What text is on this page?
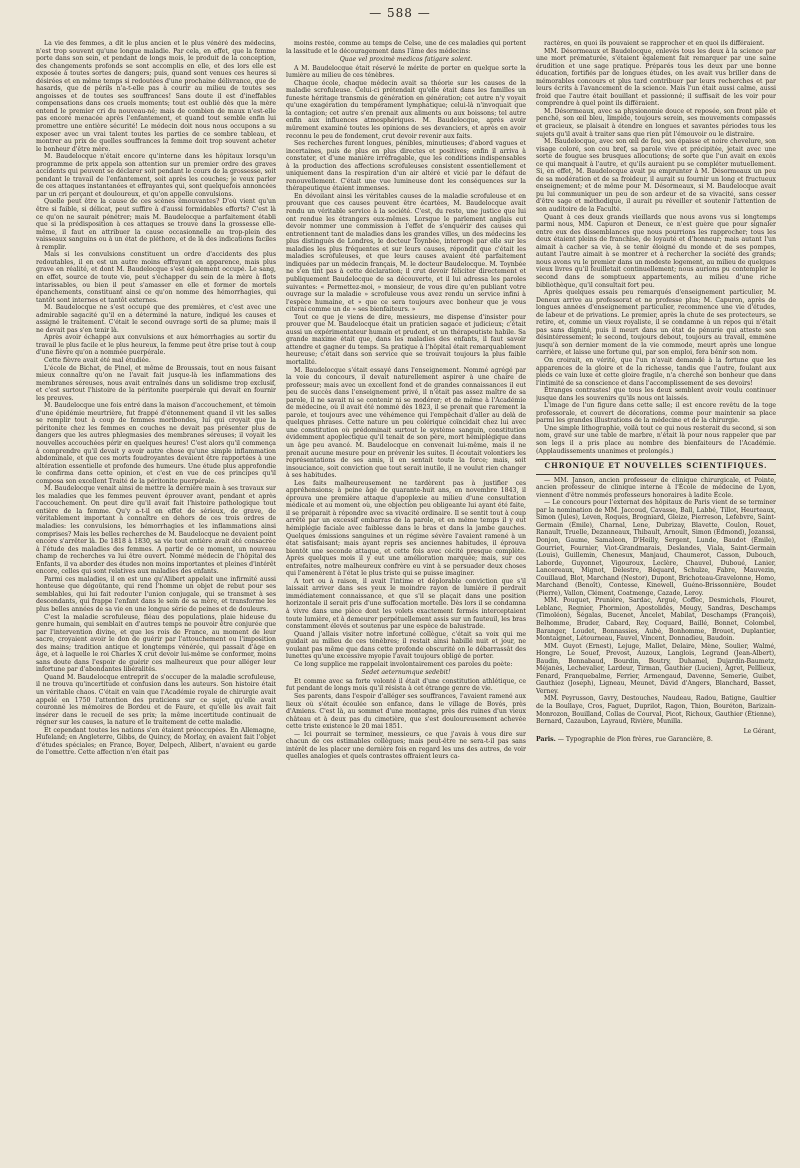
— 588 —

La vie des femmes, a dit le plus ancien et le plus vénéré des médecins, n'est trop souvent qu'une longue maladie. Par cela, en effet, que la femme porte dans son sein, et pendant de longs mois, le produit de la conception, des changements profonds se sont accomplis en elle, et des lors elle est exposée à toutes sortes de dangers; puis, quand sont venues ces heures si désirées et en même temps si redoutées d'une prochaine délivrance, que de hasards, que de périls n'a-t-elle pas à courir au milieu de toutes ses angoisses et de toutes ses souffrances! Sans doute il est d'ineffables compensations dans ces cruels moments; tout est oublié dès que la mère entend le premier cri du nouveau-né; mais de combien de maux n'est-elle pas encore menacée après l'enfantement, et quand tout semble enfin lui promettre une entière sécurité! Le médecin doit nous nous occupons a su exposer avec un vrai talent toutes les parties de ce sombre tableau, et montrer au prix de quelles souffrances la femme doit trop souvent acheter le bonheur d'être mère.

M. Baudelocque n'était encore qu'interne dans les hôpitaux lorsqu'un programme de prix appela son attention sur un premier ordre des graves accidents qui peuvent se déclarer soit pendant le cours de la grossesse, soit pendant le travail de l'enfantement, soit après les couches; je veux parler de ces attaques instantanées et effrayantes qui, sont quelquefois annoncées par un cri perçant et douloureux, et qu'on appelle convulsions.

Quelle peut être la cause de ces scènes émouvantes? D'où vient qu'un être si faible, si délicat, peut suffire à d'aussi formidables efforts? C'est là ce qu'on ne saurait pénétrer; mais M. Baudelocque a parfaitement établi que si la prédisposition à ces attaques se trouve dans la grossesse elle-même, il faut en attribuer la cause occasionnelle au trop-plein des vaisseaux sanguins ou à un état de pléthore, et de là des indications faciles à remplir.

Mais si les convulsions constituent un ordre d'accidents des plus redoutables, il en est un autre moins effrayant en apparence, mais plus grave en réalité, et dont M. Baudelocque s'est également occupé. Le sang, en effet, source de toute vie, peut s'échapper du sein de la mère à flots intarissables, ou bien il peut s'amasser en elle et former de mortels épanchements, constituant ainsi ce qu'on nomme des hémorrhagies, qui tantôt sont internes et tantôt externes.

M. Baudelocque ne s'est occupé que des premières, et c'est avec une admirable sagacité qu'il en a déterminé la nature, indiqué les causes et assigné le traitement. C'était le second ouvrage sorti de sa plume; mais il ne devait pas s'en tenir là.

Après avoir échappé aux convulsions et aux hémorrhagies au sortir du travail le plus facile et le plus heureux, la femme peut être prise tout à coup d'une fièvre qu'on a nommée puerpérale.

Cette fièvre avait été mal étudiée.

L'école de Bichat, de Pinel, et même de Broussais, tout en nous faisant mieux connaître qu'on ne l'avait fait jusque-là les inflammations des membranes séreuses, nous avait entraînés dans un solidisme trop exclusif, et c'est surtout l'histoire de la péritonite puerpérale qui devait en fournir les preuves.

M. Baudelocque une fois entré dans la maison d'accouchement, et témoin d'une épidémie meurtrière, fut frappé d'étonnement quand il vit les salles se remplir tout à coup de femmes moribondes, lui qui croyait que la péritonite chez les femmes en couches ne devait pas présenter plus de dangers que les autres phlegmasies des membranes séreuses; il voyait les nouvelles accouchées périr en quelques heures! C'est alors qu'il commença à comprendre qu'il devait y avoir autre chose qu'une simple inflammation abdominale, et que ces morts foudroyantes devaient être rapportées à une altération essentielle et profonde des humeurs. Une étude plus approfondie le confirma dans cette opinion, et c'est en vue de ces principes qu'il composa son excellent Traité de la péritonite puerpérale.

M. Baudelocque venait ainsi de mettre la dernière main à ses travaux sur les maladies que les femmes peuvent éprouver avant, pendant et après l'accouchement. On peut dire qu'il avait fait l'histoire pathologique tout entière de la femme. Qu'y a-t-il en effet de sérieux, de grave, de véritablement important à connaître en dehors de ces trois ordres de maladies: les convulsions, les hémorrhagies et les inflammations ainsi comprises? Mais les belles recherches de M. Baudelocque ne devaient point encore s'arrêter là. De 1818 à 1830, sa vie tout entière avait été consacrée à l'étude des maladies des femmes. A partir de ce moment, un nouveau champ de recherches va lui être ouvert. Nommé médecin de l'hôpital des Enfants, il va aborder des études non moins importantes et pleines d'intérêt encore, celles qui sont relatives aux maladies des enfants.

Parmi ces maladies, il en est une qu'Alibert appelait une infirmité aussi honteuse que dégoûtante, qui rend l'homme un objet de rebut pour ses semblables, qui lui fait redouter l'union conjugale, qui se transmet à ses descendants, qui frappe l'enfant dans le sein de sa mère, et transforme les plus belles années de sa vie en une longue série de peines et de douleurs.

C'est la maladie scrofuleuse, fléau des populations, plaie hideuse du genre humain, qui semblait en d'autres temps ne pouvoir être conjurée que par l'intervention divine, et que les rois de France, au moment de leur sacre, croyaient avoir le don de guérir par l'attouchement ou l'imposition des mains; tradition antique et longtemps vénérée, qui passait d'âge en âge, et à laquelle le roi Charles X crut devoir lui-même se conformer, moins sans doute dans l'espoir de guérir ces malheureux que pour alléger leur infortune par d'abondantes libéralités.

Quand M. Baudelocque entreprit de s'occuper de la maladie scrofuleuse, il ne trouva qu'incertitude et confusion dans les auteurs. Son histoire était un véritable chaos. C'était en vain que l'Académie royale de chirurgie avait appelé en 1750 l'attention des praticiens sur ce sujet, qu'elle avait couronné les mémoires de Bordeu et de Faure, et qu'elle les avait fait insérer dans le recueil de ses prix; la même incertitude continuait de régner sur les causes, la nature et le traitement de cette maladie.

Et cependant toutes les nations s'en étaient préoccupées. En Allemagne, Hufeland; en Angleterre, Gibbs, de Quincy, de Morlay, en avaient fait l'objet d'études spéciales; en France, Boyer, Delpech, Alibert, n'avaient eu garde de l'omettre. Cette affection n'en était pas

moins restée, comme au temps de Celse, une de ces maladies qui portent la lassitude et le découragement dans l'âme des médecins:

Quae vel proximè medicos fatigare solent.

A M. Baudelocque était réservé le mérite de porter en quelque sorte la lumière au milieu de ces ténèbres.

Chaque école, chaque médecin avait sa théorie sur les causes de la maladie scrofuleuse. Celui-ci prétendait qu'elle était dans les familles un funeste héritage transmis de génération en génération; cet autre n'y voyait qu'une exagération du tempérament lymphatique; celui-là n'invoquait que la contagion; cet autre s'en prenait aux aliments ou aux boissons; tel autre enfin aux influences atmosphériques. M. Baudelocque, après avoir mûrement examiné toutes les opinions de ses devanciers, et après en avoir reconnu le peu de fondement, crut devoir revenir aux faits.

Ses recherches furent longues, pénibles, minutieuses; d'abord vagues et incertaines, puis de plus en plus directes et positives; enfin il arriva à constater, et d'une manière irréfragable, que les conditions indispensables à la production des affections scrofuleuses consistent essentiellement et uniquement dans la respiration d'un air altéré et vicié par le défaut de renouvellement. C'était une vue lumineuse dont les conséquences sur la thérapeutique étaient immenses.

En dévoilant ainsi les véritables causes de la maladie scrofuleuse et en prouvant que ces causes peuvent être écartées, M. Baudelocque avait rendu un véritable service à la société. C'est, du reste, une justice que lui ont rendue les étrangers eux-mêmes. Lorsque le parlement anglais eut devoir nommer une commission à l'effet de s'enquérir des causes qui entretiennent tant de maladies dans les grandes villes, un des médecins les plus distingués de Londres, le docteur Toynbée, interrogé par elle sur les maladies les plus fréquentes et sur leurs causes, répondit que c'était les maladies scrofuleuses, et que leurs causes avaient été parfaitement indiquées par un médecin français, M. le docteur Baudelocque. M. Toynbée ne s'en tint pas à cette déclaration; il crut devoir féliciter directement et publiquement Baudelocque de sa découverte, et il lui adressa les paroles suivantes: « Permettez-moi, » monsieur, de vous dire qu'en publiant votre ouvrage sur la maladie » scrofuleuse vous avez rendu un service infini à l'espèce humaine, et » que ce sera toujours avec bonheur que je vous citerai comme un de » ses bienfaiteurs. »

Tout ce que je viens de dire, messieurs, me dispense d'insister pour prouver que M. Baudelocque était un praticien sagace et judicieux; c'était aussi un expérimentateur humain et prudent, et un thérapeutiste habile. Sa grande maxime était que, dans les maladies des enfants, il faut savoir attendre et gagner du temps. Sa pratique à l'hôpital était remarquablement heureuse; c'était dans son service que se trouvait toujours la plus faible mortalité.

M. Baudelocque s'était essayé dans l'enseignement. Nommé agrégé par la voie du concours, il devait naturellement aspirer à une chaire de professeur; mais avec un excellent fond et de grandes connaissances il eut peu de succès dans l'enseignement privé, il n'était pas assez maître de sa parole, il ne savait ni se contenir ni se modérer; et de même à l'Académie de médecine, où il avait été nommé dès 1823, il se prenait que rarement la parole, et toujours avec une véhémence qui l'empêchait d'aller au delà de quelques phrases. Cette nature un peu colérique coïncidait chez lui avec une constitution où prédominait surtout le système sanguin, constitution évidemment apoplectique qu'il tenait de son père, mort hémiplégique dans un âge peu avancé. M. Baudelocque en convenait lui-même, mais il ne prenait aucune mesure pour en prévenir les suites. Il écoutait volontiers les représentations de ses amis, il en sentait toute la force; mais, soit insouciance, soit conviction que tout serait inutile, il ne voulut rien changer à ses habitudes.

Les faits malheureusement ne tardèrent pas à justifier ces appréhensions; à peine âgé de quarante-huit ans, en novembre 1843, il éprouva une première attaque d'apoplexie au milieu d'une consultation médicale et au moment où, une objection peu obligeante lui ayant été faite, il se préparait à répondre avec sa vivacité ordinaire. Il se sentit tout à coup arrêté par un excessif embarras de la parole, et en même temps il y eut hémiplégie faciale avec faiblesse dans le bras et dans la jambe gauches. Quelques émissions sanguines et un régime sévère l'avaient ramené à un état satisfaisant; mais ayant repris ses anciennes habitudes, il éprouva bientôt une seconde attaque, et cette fois avec cécité presque complète. Après quelques mois il y eut une amélioration marquée; mais, sur ces entrefaites, notre malheureux confrère eu vint à se persuader deux choses qui l'amenèrent à l'état le plus triste qui se puisse imaginer.

A tort ou à raison, il avait l'intime et déplorable conviction que s'il laissait arriver dans ses yeux le moindre rayon de lumière il perdrait immédiatement connaissance, et que s'il se plaçait dans une position horizontale il serait pris d'une suffocation mortelle. Dès lors il se condamna à vivre dans une pièce dont les volets exactement fermés interceptaient toute lumière, et à demeurer perpétuellement assis sur un fauteuil, les bras constamment élevés et soutenus par une espèce de balustrade.

Quand j'allais visiter notre infortuné collègue, c'était sa voix qui me guidait au milieu de ces ténèbres; il restait ainsi habillé nuit et jour, ne voulant pas même que dans cette profonde obscurité on le débarrassât des lunettes qu'une excessive myopie l'avait toujours obligé de porter.

Ce long supplice me rappelait involontairement ces paroles du poète:

Sedet aeternumque sedebit!

Et comme avec sa forte volonté il était d'une constitution athlétique, ce fut pendant de longs mois qu'il résista à cet étrange genre de vie.

Ses parents, dans l'espoir d'alléger ses souffrances, l'avaient ramené aux lieux où s'était écoulée son enfance, dans le village de Bovés, près d'Amiens. C'est là, au sommet d'une montagne, près des ruines d'un vieux château et à deux pas du cimetière, que s'est douloureusement achevée cette triste existence le 20 mai 1851.

— Ici pourrait se terminer, messieurs, ce que j'avais à vous dire sur chacun de ces estimables collègues; mais peut-être ne sera-t-il pas sans intérêt de les placer une dernière fois en regard les uns des autres, de voir quelles analogies et quels contrastes offraient leurs ca-

ractères, en quoi ils pouvaient se rapprocher et en quoi ils différaient.

MM. Désormeaux et Baudelocque, enlevés tous les deux à la science par une mort prématurée, s'étaient également fait remarquer par une saine érudition et une sage pratique. Préparés tous les deux par une bonne éducation, fortifiés par de longues études, on les avait vus briller dans de mémorables concours et plus tard contribuer par leurs recherches et par leurs écrits à l'avancement de la science. Mais l'un était aussi calme, aussi froid que l'autre était bouillant et passionné; il suffisait de les voir pour comprendre à quel point ils différaient.

M. Désormeaux, avec sa physionomie douce et reposée, son front pâle et penché, son œil bleu, limpide, toujours serein, ses mouvements compassés et gracieux, se plaisait à étendre en longues et savantes périodes tous les sujets qu'il avait à traiter sans que rien pût l'émouvoir ou le distraire.

M. Baudelocque, avec son œil de feu, son épaisse et noire chevelure, son visage coloré, son cou bref, sa parole vive et précipitée, jetait avec une sorte de fougue ses brusques allocutions; de sorte que l'un avait en excès ce qui manquait à l'autre, et qu'ils auraient pu se compléter mutuellement. Si, en effet, M. Baudelocque avait pu emprunter à M. Désormeaux un peu de sa modération et de sa froideur, il aurait su fournir un long et fructueux enseignement; et de même pour M. Désormeaux, si M. Baudelocque avait pu lui communiquer un peu de son ardeur et de sa vivacité, sans cesser d'être sage et méthodique, il aurait pu réveiller et soutenir l'attention de son auditoire de la Faculté.

Quant à ces deux grands vieillards que nous avons vus si longtemps parmi nous, MM. Capuron et Deneux, ce n'est guère que pour signaler entre eux des dissemblances que nous pourrions les rapprocher; tous les deux étaient pleins de franchise, de loyauté et d'honneur; mais autant l'un aimait à cacher sa vie, à se tenir éloigné du monde et de ses pompes, autant l'autre aimait à se montrer et à rechercher la société des grands; nous avons vu le premier dans un modeste logement, au milieu de quelques vieux livres qu'il feuilletait continuellement; nous aurions pu contempler le second dans de somptueux appartements, au milieu d'une riche bibliothèque, qu'il consultait fort peu.

Après quelques essais peu remarqués d'enseignement particulier, M. Deneux arrive au professorat et ne professe plus; M. Capuron, après de longues années d'enseignement particulier, recommence une vie d'études, de labeur et de privations. Le premier, après la chute de ses protecteurs, se retire, et, comme un vieux royaliste, il se condamne à un repos qui n'était pas sans dignité, puis il meurt dans un état de pénurie qui atteste son désintéressement; le second, toujours debout, toujours au travail, emmène jusqu'à son dernier moment de la vie commode, meurt après une longue carrière, et laisse une fortune qui, par son emploi, fera bénir son nom.

On croirait, en vérité, que l'un n'avait demandé à la fortune que les apparences de la gloire et de la richesse, tandis que l'autre, foulant aux pieds ce vain luxe et cette gloire fragile, n'a cherché son bonheur que dans l'intimité de sa conscience et dans l'accomplissement de ses devoirs!

Étranges contrastes! que tous les deux semblent avoir voulu continuer jusque dans les souvenirs qu'ils nous ont laissés.

L'image de l'un figure dans cette salle; il est encore revêtu de la toge professorale, et couvert de décorations, comme pour maintenir sa place parmi les grandes illustrations de la médecine et de la chirurgie.

Une simple lithographie, voilà tout ce qui nous resterait du second, si son nom, gravé sur une table de marbre, n'était là pour nous rappeler que par son legs il a pris place au nombre des bienfaiteurs de l'Académie. (Applaudissements unanimes et prolongés.)

CHRONIQUE ET NOUVELLES SCIENTIFIQUES.

— MM. Janson, ancien professeur de clinique chirurgicale, et Pointe, ancien professeur de clinique interne à l'École de médecine de Lyon, viennent d'être nommés professeurs honoraires à ladite École.

— Le concours pour l'externat des hôpitaux de Paris vient de se terminer par la nomination de MM. Jaccoud, Cavasse, Ball, Labbé, Tillot, Heurteaux, Simon (Jules), Leven, Roques, Brogniard, Gleize, Pierreson, Lefebvre, Saint-Germain (Émile), Charnal, Lene, Dubrizay, Blavette, Coulon, Rouet, Ranault, Truelle, Dezanneaux, Thibault, Arnoult, Simon (Edmond), Jozanssi, Donjon, Gaume, Samaleon, D'Heilly, Sergent, Lunde, Baudot (Émile), Gourriet, Fournier, Viot-Grandmarais, Deslandes, Viala, Saint-Germain (Louis), Guillemin, Chenesux, Manjaud, Chaumerot, Casson, Dubouch, Laborde, Guyonnet, Vigouroux, Leclère, Chauvel, Duboué, Lanier, Lancereaux, Mignot, Delestre, Béquard, Schulze, Fabre, Mauvezin, Couillaud, Blot, Marchand (Nestor), Dupont, Brichoteau-Gravelonne, Homo, Marchand (Benoît), Contesse, Kinewell, Guéno-Brissonnière, Boudet (Pierre), Vallon, Clément, Coatmenge, Cazade, Leroy.

MM. Pouquet, Prunière, Sardac, Argué, Coffec, Desmichels, Flouret, Leblanc, Regnier, Phormion, Apostolidès, Meugy, Sandras, Deschamps (Timoléon), Ségalas, Bucenet, Ancelet, Mabilat, Deschamps (François), Belhomme, Bruder, Cabard, Rey, Coquard, Baillé, Bonnet, Colombel, Baranger, Loudet, Bonnassies, Aubé, Bonhomme, Brouet, Duplantier, Montaignet, Létourneau, Fauvel, Vincent, Donnadieu, Baudoin.

MM. Guyot (Ernest), Lejuge, Mallet, Delaire, Mène, Soulier, Walmé, Hongre, Le Souef, Prevost, Auzoux, Langlois, Legrand (Jean-Albert), Baudin, Bonnabaud, Bourdin, Boutry, Duhamel, Dujardin-Baumetz, Méjanès, Lechevalier, Lardeur, Tirman, Gauthier (Lucien), Agret, Pelllieux, Fenard, Franquebalme, Ferrier, Armengaud, Davenne, Semerie, Guibet, Gauthiez (Joseph), Ligneau, Meunet, David d'Angers, Blanchard, Basset, Verney.

MM. Peyrusson, Gavry, Destouches, Naudeau, Radou, Batigne, Gaultier de la Boullaye, Cros, Faguet, Duprilot, Ragon, Thion, Bouréton, Barizain-Monrozon, Bouilland, Collas de Courval, Picot, Richoux, Gauthier (Étienne), Bernard, Cazaubon, Layraud, Rivière, Munilla.

Le Gérant,
Paris. — Typographie de Plon frères, rue Garancière, 8.
